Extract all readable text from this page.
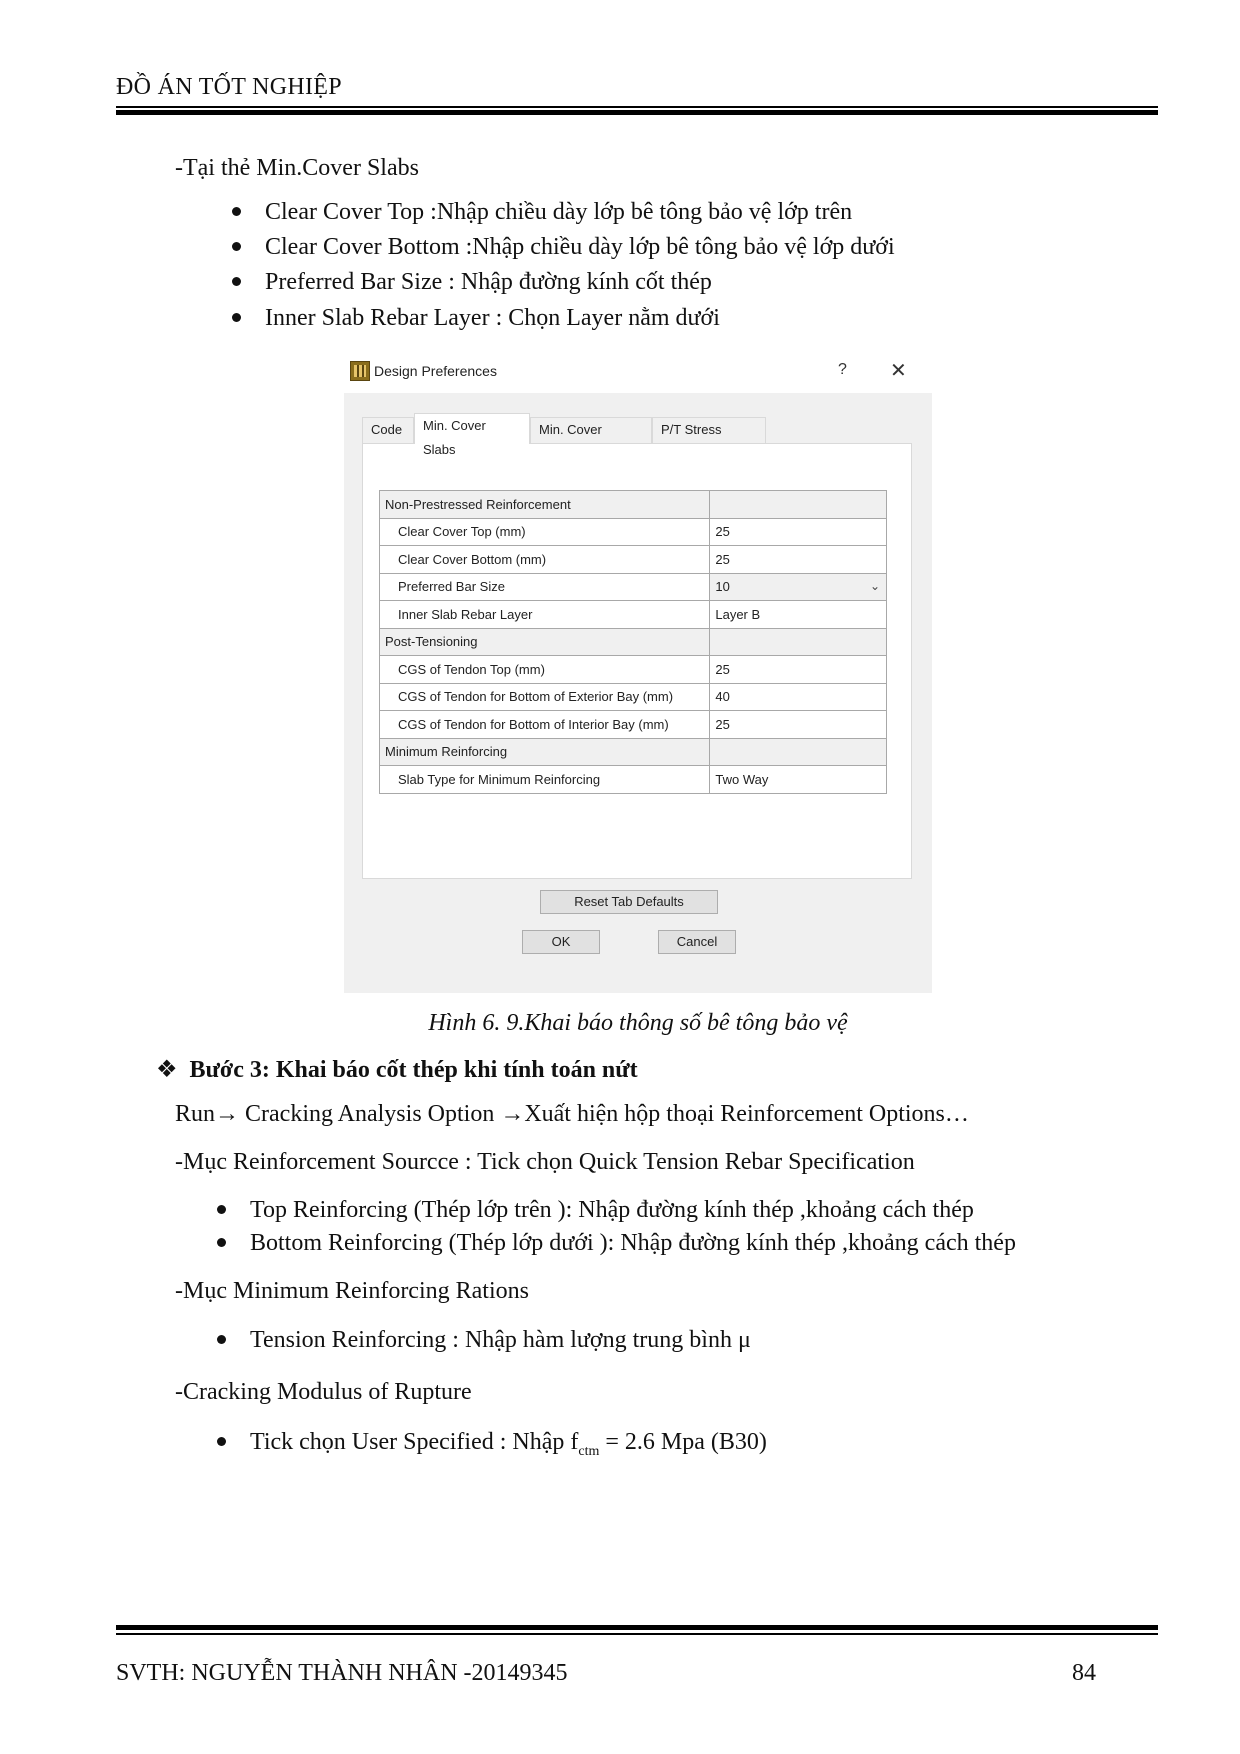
ĐỒ ÁN TỐT NGHIỆP
-Tại thẻ Min.Cover Slabs
Clear Cover Top :Nhập chiều dày lớp bê tông bảo vệ lớp trên
Clear Cover Bottom :Nhập chiều dày lớp bê tông bảo vệ lớp dưới
Preferred Bar Size : Nhập đường kính cốt thép
Inner Slab Rebar Layer : Chọn Layer nằm dưới
Design Preferences	? ✕
Code	Min. Cover Slabs
Min. Cover	P/T Stress
Non-Prestressed Reinforcement	
Clear Cover Top (mm)	25
Clear Cover Bottom (mm)	25
Preferred Bar Size	10 ⌄

Inner Slab Rebar Layer	Layer B
Post-Tensioning	
CGS of Tendon Top (mm)	25
CGS of Tendon for Bottom of Exterior Bay (mm)	40
CGS of Tendon for Bottom of Interior Bay (mm)	25
Minimum Reinforcing	
Slab Type for Minimum Reinforcing	Two Way
Reset Tab Defaults
OK	Cancel
Hình 6. 9.Khai báo thông số bê tông bảo vệ
❖ Bước 3: Khai báo cốt thép khi tính toán nứt
Run→ Cracking Analysis Option →Xuất hiện hộp thoại Reinforcement Options…
-Mục Reinforcement Sourcce : Tick chọn Quick Tension Rebar Specification
Top Reinforcing (Thép lớp trên ): Nhập đường kính thép ,khoảng cách thép
Bottom Reinforcing (Thép lớp dưới ): Nhập đường kính thép ,khoảng cách thép
-Mục Minimum Reinforcing Rations
Tension Reinforcing : Nhập hàm lượng trung bình μ
-Cracking Modulus of Rupture
Tick chọn User Specified : Nhập $f_{ctm} = 2.6$ Mpa (B30)
SVTH: NGUYỄN THÀNH NHÂN -20149345	84
